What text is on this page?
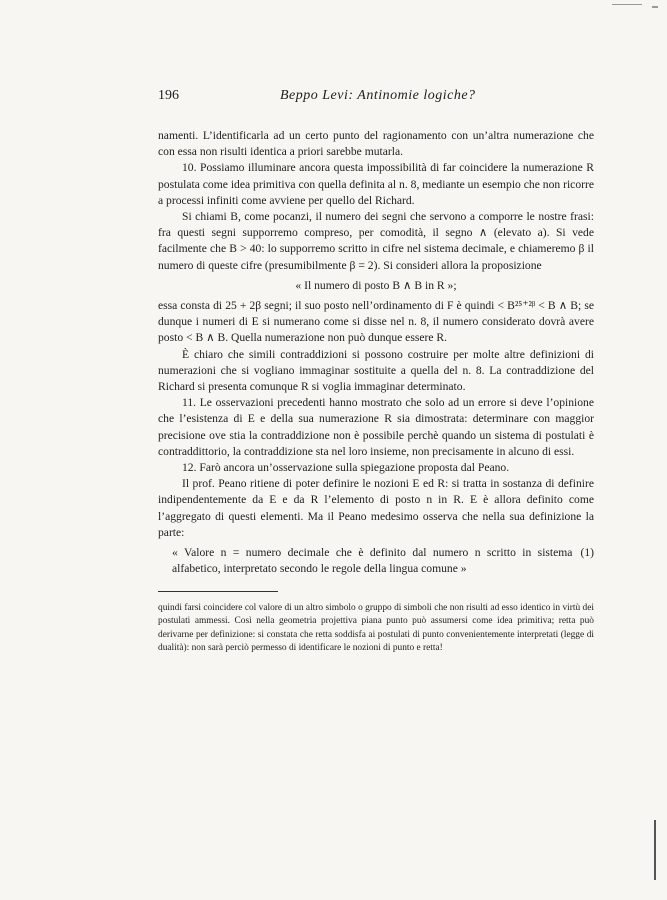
196	Beppo Levi: Antinomie logiche?

namenti. L’identificarla ad un certo punto del ragionamento con un’altra numerazione che con essa non risulti identica a priori sarebbe mutarla.

10. Possiamo illuminare ancora questa impossibilità di far coincidere la numerazione R postulata come idea primitiva con quella definita al n. 8, mediante un esempio che non ricorre a processi infiniti come avviene per quello del Richard.

Si chiami B, come pocanzi, il numero dei segni che servono a comporre le nostre frasi: fra questi segni supporremo compreso, per comodità, il segno ∧ (elevato a). Si vede facilmente che B > 40: lo supporremo scritto in cifre nel sistema decimale, e chiameremo β il numero di queste cifre (presumibilmente β = 2). Si consideri allora la proposizione

« Il numero di posto B ∧ B in R »;

essa consta di 25 + 2β segni; il suo posto nell’ordinamento di F è quindi < B²⁵⁺²ᵝ < B ∧ B; se dunque i numeri di E si numerano come si disse nel n. 8, il numero considerato dovrà avere posto < B ∧ B. Quella numerazione non può dunque essere R.

È chiaro che simili contraddizioni si possono costruire per molte altre definizioni di numerazioni che si vogliano immaginar sostituite a quella del n. 8. La contraddizione del Richard si presenta comunque R si voglia immaginar determinato.

11. Le osservazioni precedenti hanno mostrato che solo ad un errore si deve l’opinione che l’esistenza di E e della sua numerazione R sia dimostrata: determinare con maggior precisione ove stia la contraddizione non è possibile perchè quando un sistema di postulati è contraddittorio, la contraddizione sta nel loro insieme, non precisamente in alcuno di essi.

12. Farò ancora un’osservazione sulla spiegazione proposta dal Peano.

Il prof. Peano ritiene di poter definire le nozioni E ed R: si tratta in sostanza di definire indipendentemente da E e da R l’elemento di posto n in R. E è allora definito come l’aggregato di questi elementi. Ma il Peano medesimo osserva che nella sua definizione la parte:

« Valore n = numero decimale che è definito dal numero n scritto in sistema alfabetico, interpretato secondo le regole della lingua comune »
(1)

quindi farsi coincidere col valore di un altro simbolo o gruppo di simboli che non risulti ad esso identico in virtù dei postulati ammessi. Così nella geometria projettiva piana punto può assumersi come idea primitiva; retta può derivarne per definizione: si constata che retta soddisfa ai postulati di punto convenientemente interpretati (legge di dualità): non sarà perciò permesso di identificare le nozioni di punto e retta!
